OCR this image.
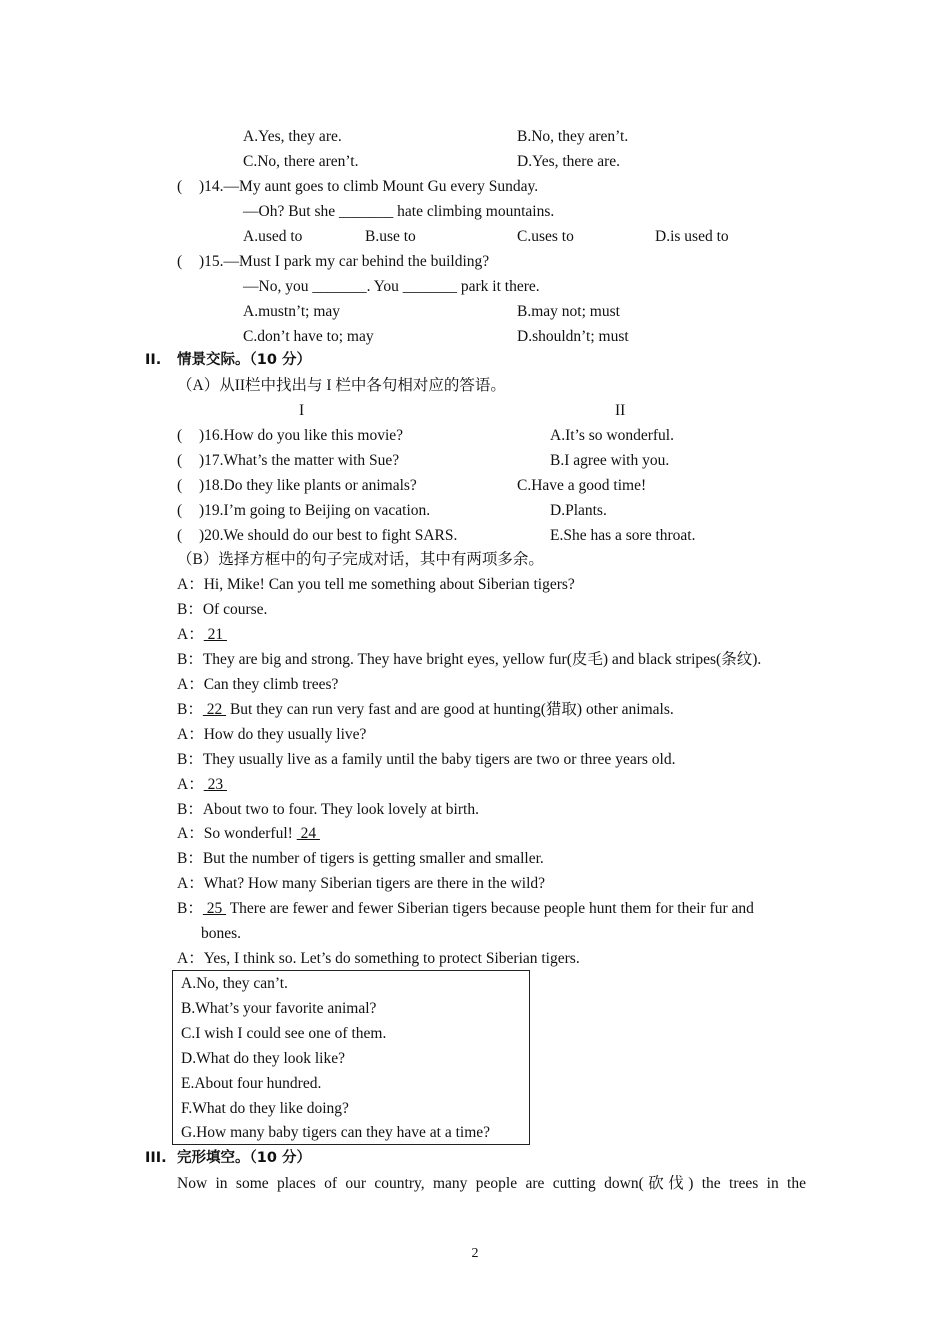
A.Yes, they are.	B.No, they aren’t.
C.No, there aren’t.	D.Yes, there are.
( )14.—My aunt goes to climb Mount Gu every Sunday.
—Oh? But she _______ hate climbing mountains.
A.used to	B.use to	C.uses to	D.is used to
( )15.—Must I park my car behind the building?
—No, you _______. You _______ park it there.
A.mustn’t; may	B.may not; must
C.don’t have to; may	D.shouldn’t; must
II. 情景交际。（10 分）
（A）从II栏中找出与 I 栏中各句相对应的答语。
I	II
( )16.How do you like this movie?	A.It’s so wonderful.
( )17.What’s the matter with Sue?	B.I agree with you.
( )18.Do they like plants or animals?	C.Have a good time!
( )19.I’m going to Beijing on vacation.	D.Plants.
( )20.We should do our best to fight SARS.	E.She has a sore throat.
（B）选择方框中的句子完成对话，其中有两项多余。
A：Hi, Mike! Can you tell me something about Siberian tigers?
B：Of course.
A： 21
B：They are big and strong. They have bright eyes, yellow fur(皮毛) and black stripes(条纹).
A：Can they climb trees?
B： 22  But they can run very fast and are good at hunting(猎取) other animals.
A：How do they usually live?
B：They usually live as a family until the baby tigers are two or three years old.
A： 23
B：About two to four. They look lovely at birth.
A：So wonderful!  24
B：But the number of tigers is getting smaller and smaller.
A：What? How many Siberian tigers are there in the wild?
B： 25  There are fewer and fewer Siberian tigers because people hunt them for their fur and
bones.
A：Yes, I think so. Let’s do something to protect Siberian tigers.
A.No, they can’t.
B.What’s your favorite animal?
C.I wish I could see one of them.
D.What do they look like?
E.About four hundred.
F.What do they like doing?
G.How many baby tigers can they have at a time?
III. 完形填空。（10 分）
Now in some places of our country, many people are cutting down(砍伐) the trees in the
2
